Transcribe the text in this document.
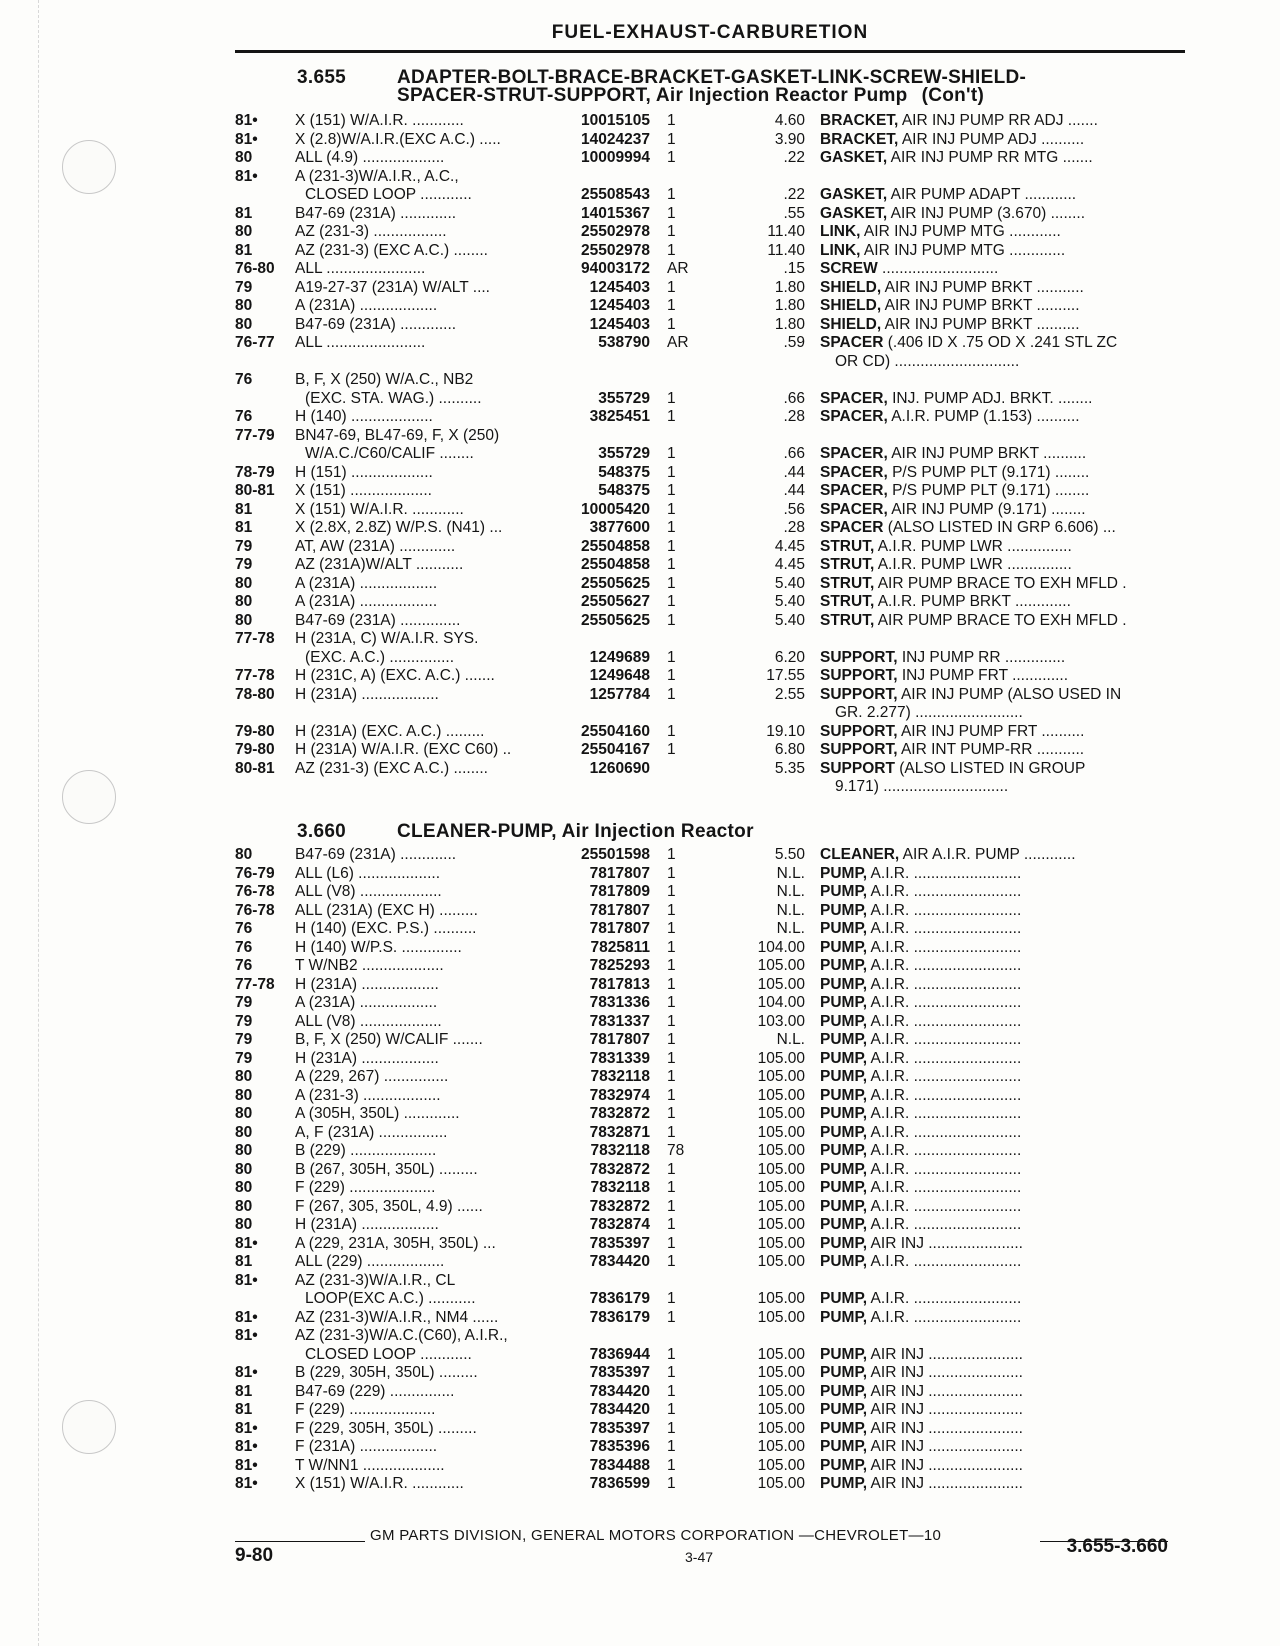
FUEL-EXHAUST-CARBURETION
3.655	ADAPTER-BOLT-BRACE-BRACKET-GASKET-LINK-SCREW-SHIELD-
SPACER-STRUT-SUPPORT, Air Injection Reactor Pump (Con't)
81•	X (151) W/A.I.R. ............	10015105 1	4.60 BRACKET, AIR INJ PUMP RR ADJ .......
81•	X (2.8)W/A.I.R.(EXC A.C.) .....	14024237 1	3.90 BRACKET, AIR INJ PUMP ADJ ..........
80	ALL (4.9) ...................	10009994 1	.22 GASKET, AIR INJ PUMP RR MTG .......
81•	A (231-3)W/A.I.R., A.C.,
CLOSED LOOP ............	25508543 1	.22 GASKET, AIR PUMP ADAPT ............
81	B47-69 (231A) .............	14015367 1	.55 GASKET, AIR INJ PUMP (3.670) ........
80	AZ (231-3) .................	25502978 1	11.40 LINK, AIR INJ PUMP MTG ............
81	AZ (231-3) (EXC A.C.) ........	25502978 1	11.40 LINK, AIR INJ PUMP MTG .............
76-80	ALL .......................	94003172 AR	.15 SCREW ...........................
79	A19-27-37 (231A) W/ALT ....	1245403 1	1.80 SHIELD, AIR INJ PUMP BRKT ...........
80	A (231A) ..................	1245403 1	1.80 SHIELD, AIR INJ PUMP BRKT ..........
80	B47-69 (231A) .............	1245403 1	1.80 SHIELD, AIR INJ PUMP BRKT ..........
76-77	ALL .......................	538790 AR	.59 SPACER (.406 ID X .75 OD X .241 STL ZC
OR CD) .............................
76	B, F, X (250) W/A.C., NB2
(EXC. STA. WAG.) ..........	355729 1	.66 SPACER, INJ. PUMP ADJ. BRKT. ........
76	H (140) ...................	3825451 1	.28 SPACER, A.I.R. PUMP (1.153) ..........
77-79	BN47-69, BL47-69, F, X (250)
W/A.C./C60/CALIF ........	355729 1	.66 SPACER, AIR INJ PUMP BRKT ..........
78-79	H (151) ...................	548375 1	.44 SPACER, P/S PUMP PLT (9.171) ........
80-81	X (151) ...................	548375 1	.44 SPACER, P/S PUMP PLT (9.171) ........
81	X (151) W/A.I.R. ............	10005420 1	.56 SPACER, AIR INJ PUMP (9.171) ........
81	X (2.8X, 2.8Z) W/P.S. (N41) ...	3877600 1	.28 SPACER (ALSO LISTED IN GRP 6.606) ...
79	AT, AW (231A) .............	25504858 1	4.45 STRUT, A.I.R. PUMP LWR ...............
79	AZ (231A)W/ALT ...........	25504858 1	4.45 STRUT, A.I.R. PUMP LWR ...............
80	A (231A) ..................	25505625 1	5.40 STRUT, AIR PUMP BRACE TO EXH MFLD .
80	A (231A) ..................	25505627 1	5.40 STRUT, A.I.R. PUMP BRKT .............
80	B47-69 (231A) ..............	25505625 1	5.40 STRUT, AIR PUMP BRACE TO EXH MFLD .
77-78	H (231A, C) W/A.I.R. SYS.
(EXC. A.C.) ...............	1249689 1	6.20 SUPPORT, INJ PUMP RR ..............
77-78	H (231C, A) (EXC. A.C.) .......	1249648 1	17.55 SUPPORT, INJ PUMP FRT .............
78-80	H (231A) ..................	1257784 1	2.55 SUPPORT, AIR INJ PUMP (ALSO USED IN
GR. 2.277) .........................
79-80	H (231A) (EXC. A.C.) .........	25504160 1	19.10 SUPPORT, AIR INJ PUMP FRT ..........
79-80	H (231A) W/A.I.R. (EXC C60) ..	25504167 1	6.80 SUPPORT, AIR INT PUMP-RR ...........
80-81	AZ (231-3) (EXC A.C.) ........	1260690	5.35 SUPPORT (ALSO LISTED IN GROUP
9.171) .............................
3.660	CLEANER-PUMP, Air Injection Reactor
80	B47-69 (231A) .............	25501598 1	5.50 CLEANER, AIR A.I.R. PUMP ............
76-79	ALL (L6) ...................	7817807 1	N.L. PUMP, A.I.R. .........................
76-78	ALL (V8) ...................	7817809 1	N.L. PUMP, A.I.R. .........................
76-78	ALL (231A) (EXC H) .........	7817807 1	N.L. PUMP, A.I.R. .........................
76	H (140) (EXC. P.S.) ..........	7817807 1	N.L. PUMP, A.I.R. .........................
76	H (140) W/P.S. ..............	7825811 1	104.00 PUMP, A.I.R. .........................
76	T W/NB2 ...................	7825293 1	105.00 PUMP, A.I.R. .........................
77-78	H (231A) ..................	7817813 1	105.00 PUMP, A.I.R. .........................
79	A (231A) ..................	7831336 1	104.00 PUMP, A.I.R. .........................
79	ALL (V8) ...................	7831337 1	103.00 PUMP, A.I.R. .........................
79	B, F, X (250) W/CALIF .......	7817807 1	N.L. PUMP, A.I.R. .........................
79	H (231A) ..................	7831339 1	105.00 PUMP, A.I.R. .........................
80	A (229, 267) ...............	7832118 1	105.00 PUMP, A.I.R. .........................
80	A (231-3) ..................	7832974 1	105.00 PUMP, A.I.R. .........................
80	A (305H, 350L) .............	7832872 1	105.00 PUMP, A.I.R. .........................
80	A, F (231A) ................	7832871 1	105.00 PUMP, A.I.R. .........................
80	B (229) ....................	7832118 78	105.00 PUMP, A.I.R. .........................
80	B (267, 305H, 350L) .........	7832872 1	105.00 PUMP, A.I.R. .........................
80	F (229) ....................	7832118 1	105.00 PUMP, A.I.R. .........................
80	F (267, 305, 350L, 4.9) ......	7832872 1	105.00 PUMP, A.I.R. .........................
80	H (231A) ..................	7832874 1	105.00 PUMP, A.I.R. .........................
81•	A (229, 231A, 305H, 350L) ...	7835397 1	105.00 PUMP, AIR INJ ......................
81	ALL (229) ..................	7834420 1	105.00 PUMP, A.I.R. .........................
81•	AZ (231-3)W/A.I.R., CL
LOOP(EXC A.C.) ...........	7836179 1	105.00 PUMP, A.I.R. .........................
81•	AZ (231-3)W/A.I.R., NM4 ......	7836179 1	105.00 PUMP, A.I.R. .........................
81•	AZ (231-3)W/A.C.(C60), A.I.R.,
CLOSED LOOP ............	7836944 1	105.00 PUMP, AIR INJ ......................
81•	B (229, 305H, 350L) .........	7835397 1	105.00 PUMP, AIR INJ ......................
81	B47-69 (229) ...............	7834420 1	105.00 PUMP, AIR INJ ......................
81	F (229) ....................	7834420 1	105.00 PUMP, AIR INJ ......................
81•	F (229, 305H, 350L) .........	7835397 1	105.00 PUMP, AIR INJ ......................
81•	F (231A) ..................	7835396 1	105.00 PUMP, AIR INJ ......................
81•	T W/NN1 ...................	7834488 1	105.00 PUMP, AIR INJ ......................
81•	X (151) W/A.I.R. ............	7836599 1	105.00 PUMP, AIR INJ ......................
GM PARTS DIVISION, GENERAL MOTORS CORPORATION —CHEVROLET—10
9-80	3-47	3.655-3.660
